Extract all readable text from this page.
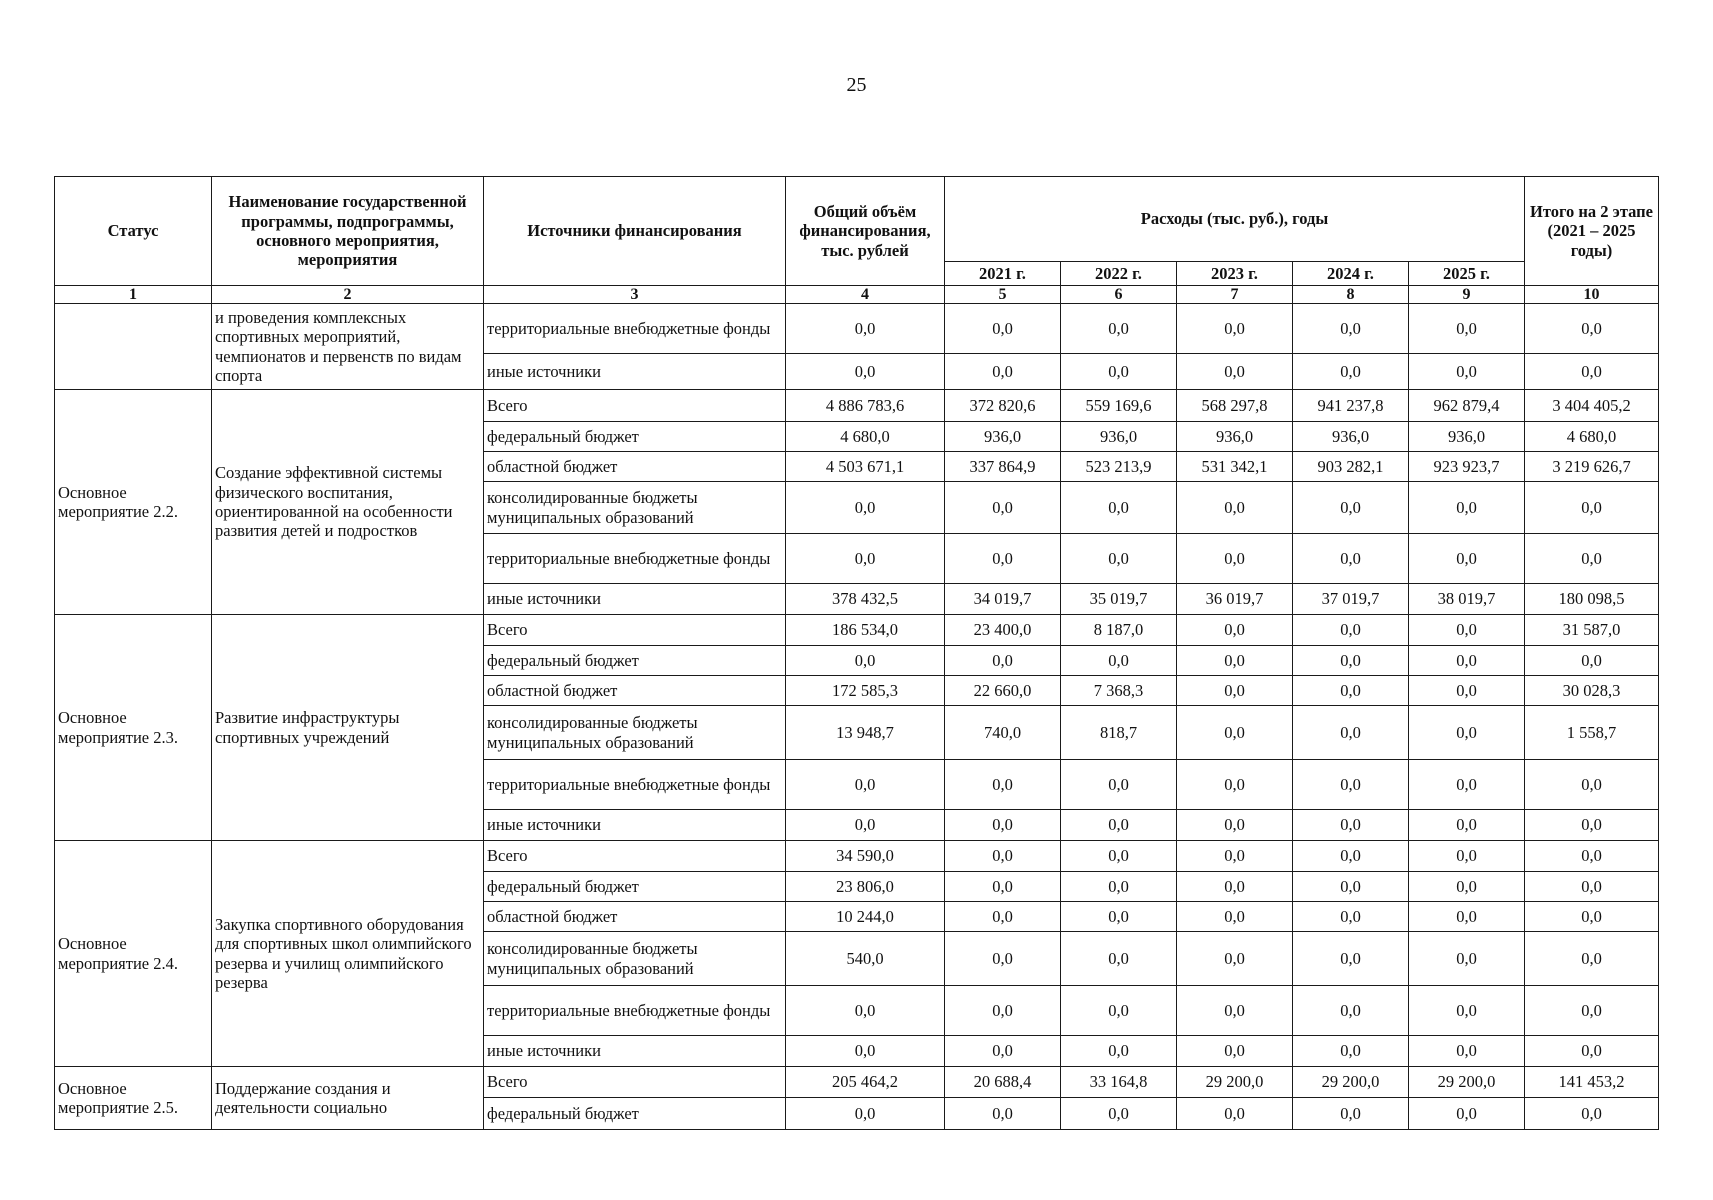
25
Статус	Наименование государственной программы, подпрограммы, основного мероприятия, мероприятия	Источники финансирования	Общий объём финансирования, тыс. рублей	Расходы (тыс. руб.), годы					Итого на 2 этапе (2021 – 2025 годы)
				2021 г.	2022 г.	2023 г.	2024 г.	2025 г.	
1	2	3	4	5	6	7	8	9	10
	и проведения комплексных спортивных мероприятий, чемпионатов и первенств по видам спорта	территориальные внебюджетные фонды	0,0	0,0	0,0	0,0	0,0	0,0	0,0
		иные источники	0,0	0,0	0,0	0,0	0,0	0,0	0,0
Основное мероприятие 2.2.	Создание эффективной системы физического воспитания, ориентированной на особенности развития детей и подростков	Всего	4 886 783,6	372 820,6	559 169,6	568 297,8	941 237,8	962 879,4	3 404 405,2
		федеральный бюджет	4 680,0	936,0	936,0	936,0	936,0	936,0	4 680,0
		областной бюджет	4 503 671,1	337 864,9	523 213,9	531 342,1	903 282,1	923 923,7	3 219 626,7
		консолидированные бюджеты муниципальных образований	0,0	0,0	0,0	0,0	0,0	0,0	0,0
		территориальные внебюджетные фонды	0,0	0,0	0,0	0,0	0,0	0,0	0,0
		иные источники	378 432,5	34 019,7	35 019,7	36 019,7	37 019,7	38 019,7	180 098,5
Основное мероприятие 2.3.	Развитие инфраструктуры спортивных учреждений	Всего	186 534,0	23 400,0	8 187,0	0,0	0,0	0,0	31 587,0
		федеральный бюджет	0,0	0,0	0,0	0,0	0,0	0,0	0,0
		областной бюджет	172 585,3	22 660,0	7 368,3	0,0	0,0	0,0	30 028,3
		консолидированные бюджеты муниципальных образований	13 948,7	740,0	818,7	0,0	0,0	0,0	1 558,7
		территориальные внебюджетные фонды	0,0	0,0	0,0	0,0	0,0	0,0	0,0
		иные источники	0,0	0,0	0,0	0,0	0,0	0,0	0,0
Основное мероприятие 2.4.	Закупка спортивного оборудования для спортивных школ олимпийского резерва и училищ олимпийского резерва	Всего	34 590,0	0,0	0,0	0,0	0,0	0,0	0,0
		федеральный бюджет	23 806,0	0,0	0,0	0,0	0,0	0,0	0,0
		областной бюджет	10 244,0	0,0	0,0	0,0	0,0	0,0	0,0
		консолидированные бюджеты муниципальных образований	540,0	0,0	0,0	0,0	0,0	0,0	0,0
		территориальные внебюджетные фонды	0,0	0,0	0,0	0,0	0,0	0,0	0,0
		иные источники	0,0	0,0	0,0	0,0	0,0	0,0	0,0
Основное мероприятие 2.5.	Поддержание создания и деятельности социально	Всего	205 464,2	20 688,4	33 164,8	29 200,0	29 200,0	29 200,0	141 453,2
		федеральный бюджет	0,0	0,0	0,0	0,0	0,0	0,0	0,0
